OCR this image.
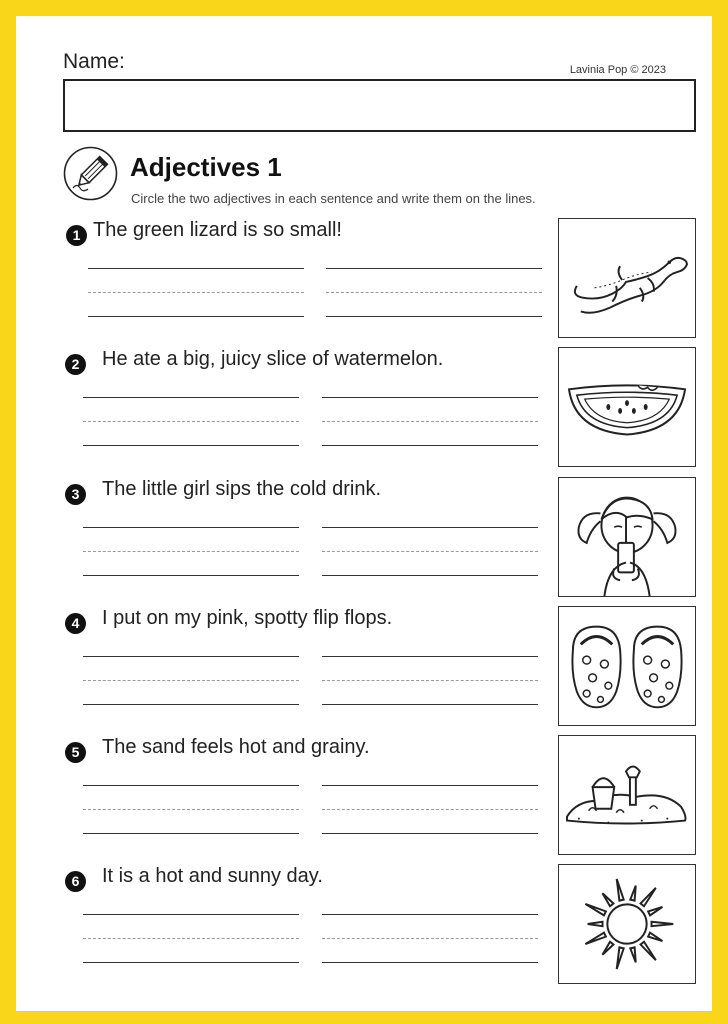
Name:	Lavinia Pop © 2023
Adjectives 1
Circle the two adjectives in each sentence and write them on the lines.
1 The green lizard is so small!
2	He ate a big, juicy slice of watermelon.
3	The little girl sips the cold drink.
4	I put on my pink, spotty flip flops.
5	The sand feels hot and grainy.
6	It is a hot and sunny day.
